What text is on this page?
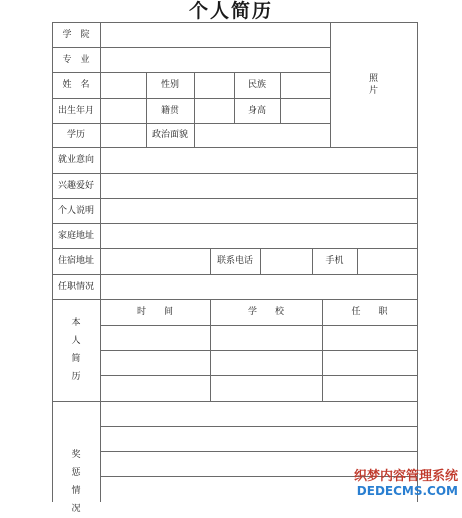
个人简历
学　院
专　业
姓　名	性别	民族
出生年月	籍贯	身高
学历	政治面貌
照
片
就业意向
兴趣爱好
个人说明
家庭地址
住宿地址	联系电话	手机
任职情况
本
人
简
历
时　　间	学　　校	任　　职
奖
惩
情
况
织梦内容管理系统
DEDECMS.COM
